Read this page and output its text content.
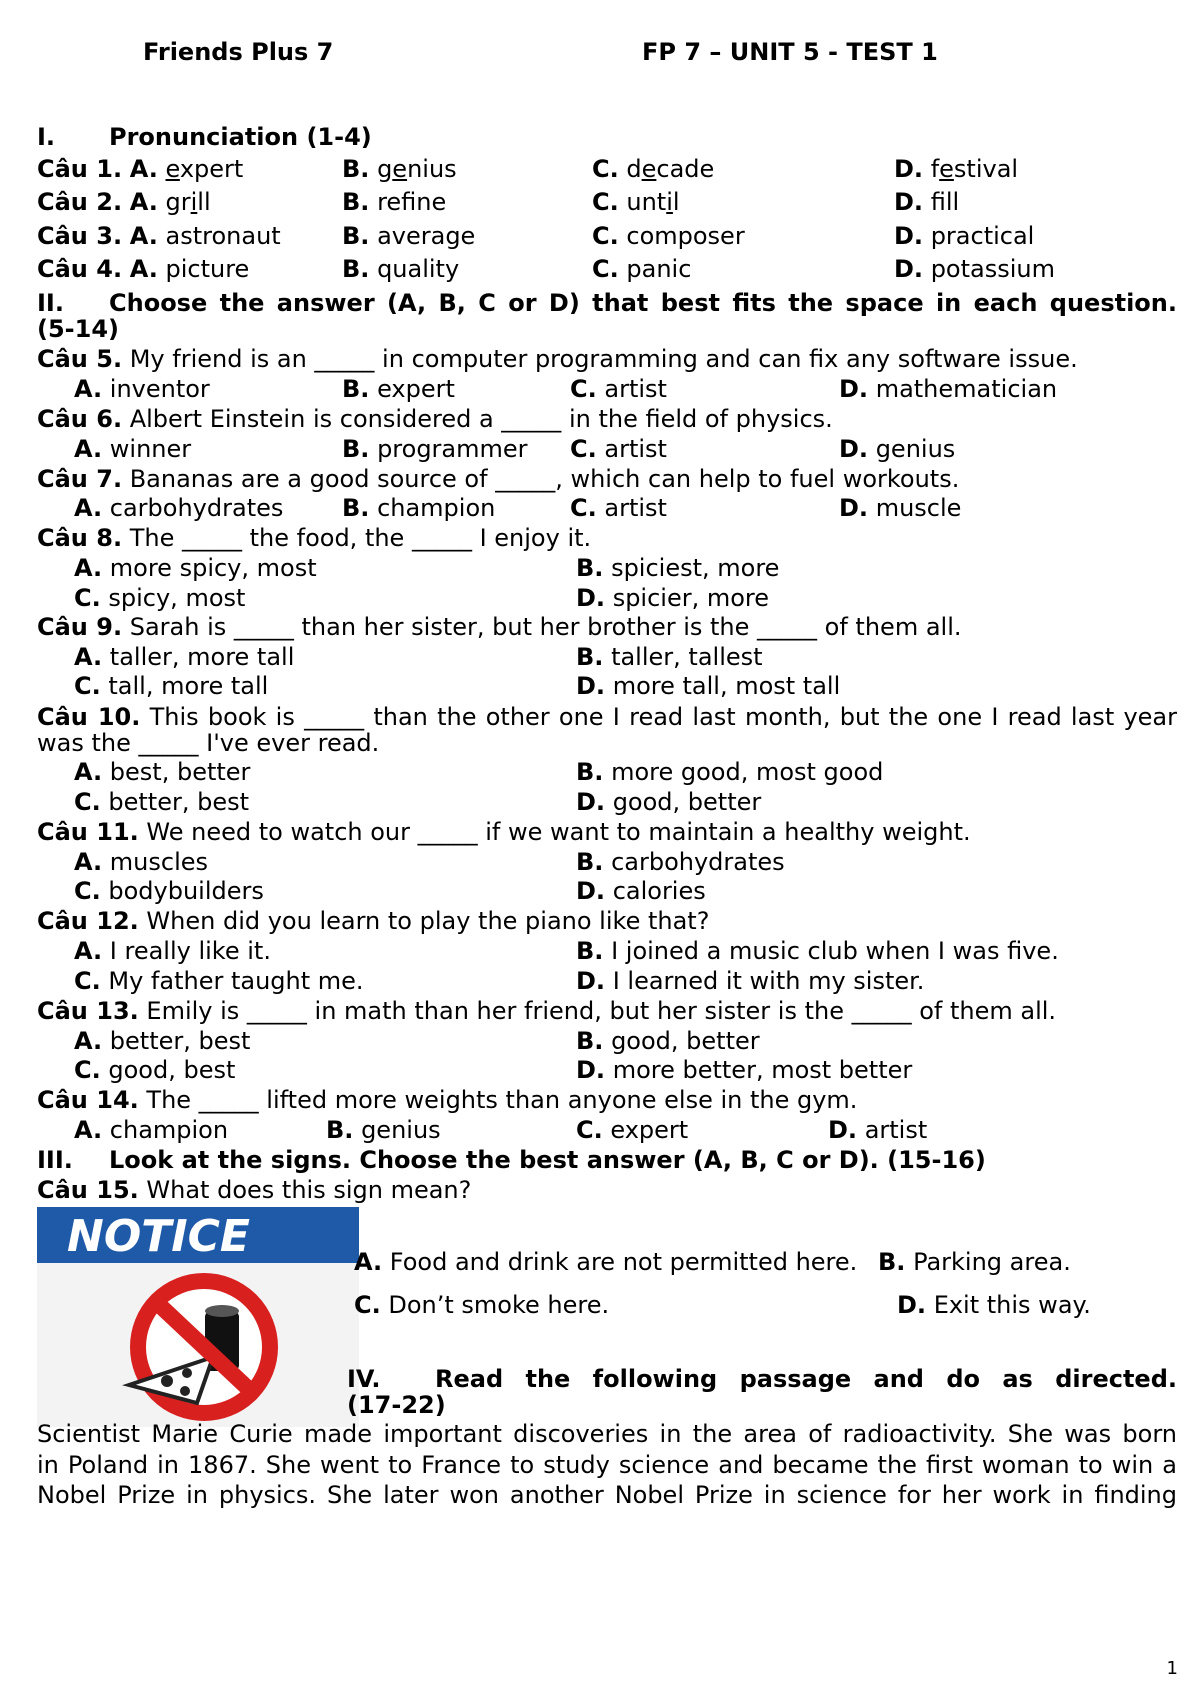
Friends Plus 7	FP 7 – UNIT 5 - TEST 1
I. Pronunciation (1-4)
Câu 1. A. expert	B. genius	C. decade	D. festival
Câu 2. A. grill	B. refne	C. until	D. fll
Câu 3. A. astronaut	B. average	C. composer	D. practical
Câu 4. A. picture	B. quality	C. panic	D. potassium
II. Choose the answer (A, B, C or D) that best fits the space in each question.
(5-14)
Câu 5. My friend is an _____ in computer programming and can fix any software issue.
A. inventor	B. expert	C. artist	D. mathematician
Câu 6. Albert Einstein is considered a _____ in the field of physics.
A. winner	B. programmer C. artist	D. genius
Câu 7. Bananas are a good source of _____, which can help to fuel workouts.
A. carbohydrates B. champion	C. artist	D. muscle
Câu 8. The _____ the food, the _____ I enjoy it.
A. more spicy, most	B. spiciest, more
C. spicy, most	D. spicier, more
Câu 9. Sarah is _____ than her sister, but her brother is the _____ of them all.
A. taller, more tall	B. taller, tallest
C. tall, more tall	D. more tall, most tall
Câu 10. This book is _____ than the other one I read last month, but the one I read last year
was the _____ I've ever read.
A. best, better	B. more good, most good
C. better, best	D. good, better
Câu 11. We need to watch our _____ if we want to maintain a healthy weight.
A. muscles	B. carbohydrates
C. bodybuilders	D. calories
Câu 12. When did you learn to play the piano like that?
A. I really like it.	B. I joined a music club when I was five.
C. My father taught me.	D. I learned it with my sister.
Câu 13. Emily is _____ in math than her friend, but her sister is the _____ of them all.
A. better, best	B. good, better
C. good, best	D. more better, most better
Câu 14. The _____ lifted more weights than anyone else in the gym.
A. champion	B. genius	C. expert	D. artist
III. Look at the signs. Choose the best answer (A, B, C or D). (15-16)
Câu 15. What does this sign mean?
NOTICE	A. Food and drink are not permitted here. B. Parking area.
C. Don’t smoke here.	D. Exit this way.
IV. Read the following passage and do as directed.
(17-22)
Scientist Marie Curie made important discoveries in the area of radioactivity. She was born
in Poland in 1867. She went to France to study science and became the first woman to win a
Nobel Prize in physics. She later won another Nobel Prize in science for her work in finding
1
